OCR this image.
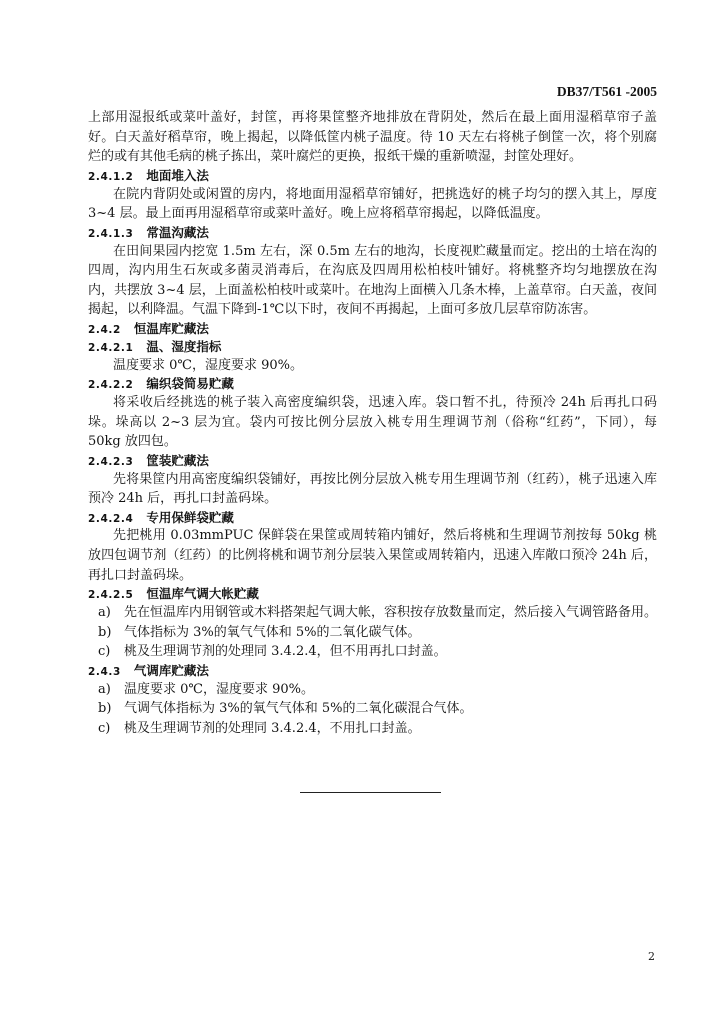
DB37/T561 -2005

上部用湿报纸或菜叶盖好，封筐，再将果筐整齐地排放在背阴处，然后在最上面用湿稻草帘子盖好。白天盖好稻草帘，晚上揭起，以降低筐内桃子温度。待 10 天左右将桃子倒筐一次，将个别腐烂的或有其他毛病的桃子拣出，菜叶腐烂的更换，报纸干燥的重新喷湿，封筐处理好。

2.4.1.2 地面堆入法

在院内背阴处或闲置的房内，将地面用湿稻草帘铺好，把挑选好的桃子均匀的摆入其上，厚度 3~4 层。最上面再用湿稻草帘或菜叶盖好。晚上应将稻草帘揭起，以降低温度。

2.4.1.3 常温沟藏法

在田间果园内挖宽 1.5m 左右，深 0.5m 左右的地沟，长度视贮藏量而定。挖出的土培在沟的四周，沟内用生石灰或多菌灵消毒后，在沟底及四周用松柏枝叶铺好。将桃整齐均匀地摆放在沟内，共摆放 3~4 层，上面盖松柏枝叶或菜叶。在地沟上面横入几条木棒，上盖草帘。白天盖，夜间揭起，以利降温。气温下降到-1℃以下时，夜间不再揭起，上面可多放几层草帘防冻害。

2.4.2 恒温库贮藏法
2.4.2.1 温、湿度指标

温度要求 0℃，湿度要求 90%。

2.4.2.2 编织袋简易贮藏

将采收后经挑选的桃子装入高密度编织袋，迅速入库。袋口暂不扎，待预冷 24h 后再扎口码垛。垛高以 2~3 层为宜。袋内可按比例分层放入桃专用生理调节剂（俗称“红药”，下同），每 50kg 放四包。

2.4.2.3 筐装贮藏法

先将果筐内用高密度编织袋铺好，再按比例分层放入桃专用生理调节剂（红药），桃子迅速入库预冷 24h 后，再扎口封盖码垛。

2.4.2.4 专用保鲜袋贮藏

先把桃用 0.03mmPUC 保鲜袋在果筐或周转箱内铺好，然后将桃和生理调节剂按每 50kg 桃放四包调节剂（红药）的比例将桃和调节剂分层装入果筐或周转箱内，迅速入库敞口预冷 24h 后，再扎口封盖码垛。

2.4.2.5 恒温库气调大帐贮藏
a)	先在恒温库内用钢管或木料搭架起气调大帐，容积按存放数量而定，然后接入气调管路备用。
b) 气体指标为 3%的氧气气体和 5%的二氧化碳气体。
c)	桃及生理调节剂的处理同 3.4.2.4，但不用再扎口封盖。
2.4.3 气调库贮藏法
a)	温度要求 0℃，湿度要求 90%。
b) 气调气体指标为 3%的氧气气体和 5%的二氧化碳混合气体。
c)	桃及生理调节剂的处理同 3.4.2.4，不用扎口封盖。
2
